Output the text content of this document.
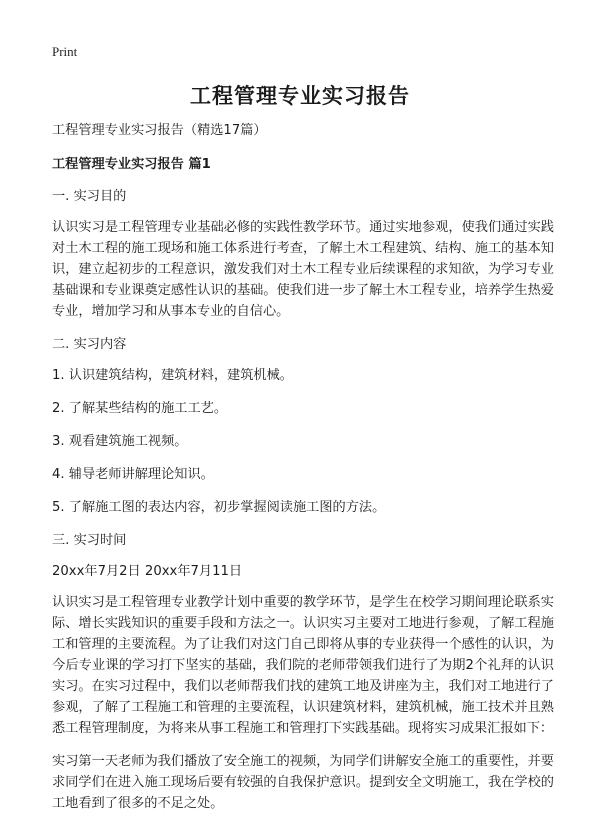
Print
工程管理专业实习报告
工程管理专业实习报告（精选17篇）
工程管理专业实习报告 篇1
一. 实习目的
认识实习是工程管理专业基础必修的实践性教学环节。通过实地参观，使我们通过实践对土木工程的施工现场和施工体系进行考查，了解土木工程建筑、结构、施工的基本知识，建立起初步的工程意识，激发我们对土木工程专业后续课程的求知欲，为学习专业基础课和专业课奠定感性认识的基础。使我们进一步了解土木工程专业，培养学生热爱专业，增加学习和从事本专业的自信心。
二. 实习内容
1. 认识建筑结构，建筑材料，建筑机械。
2. 了解某些结构的施工工艺。
3. 观看建筑施工视频。
4. 辅导老师讲解理论知识。
5. 了解施工图的表达内容，初步掌握阅读施工图的方法。
三. 实习时间
20xx年7月2日 20xx年7月11日
认识实习是工程管理专业教学计划中重要的教学环节，是学生在校学习期间理论联系实际、增长实践知识的重要手段和方法之一。认识实习主要对工地进行参观，了解工程施工和管理的主要流程。为了让我们对这门自己即将从事的专业获得一个感性的认识，为今后专业课的学习打下坚实的基础，我们院的老师带领我们进行了为期2个礼拜的认识实习。在实习过程中，我们以老师帮我们找的建筑工地及讲座为主，我们对工地进行了参观，了解了工程施工和管理的主要流程，认识建筑材料，建筑机械，施工技术并且熟悉工程管理制度，为将来从事工程施工和管理打下实践基础。现将实习成果汇报如下：
实习第一天老师为我们播放了安全施工的视频，为同学们讲解安全施工的重要性，并要求同学们在进入施工现场后要有较强的自我保护意识。提到安全文明施工，我在学校的工地看到了很多的不足之处。
